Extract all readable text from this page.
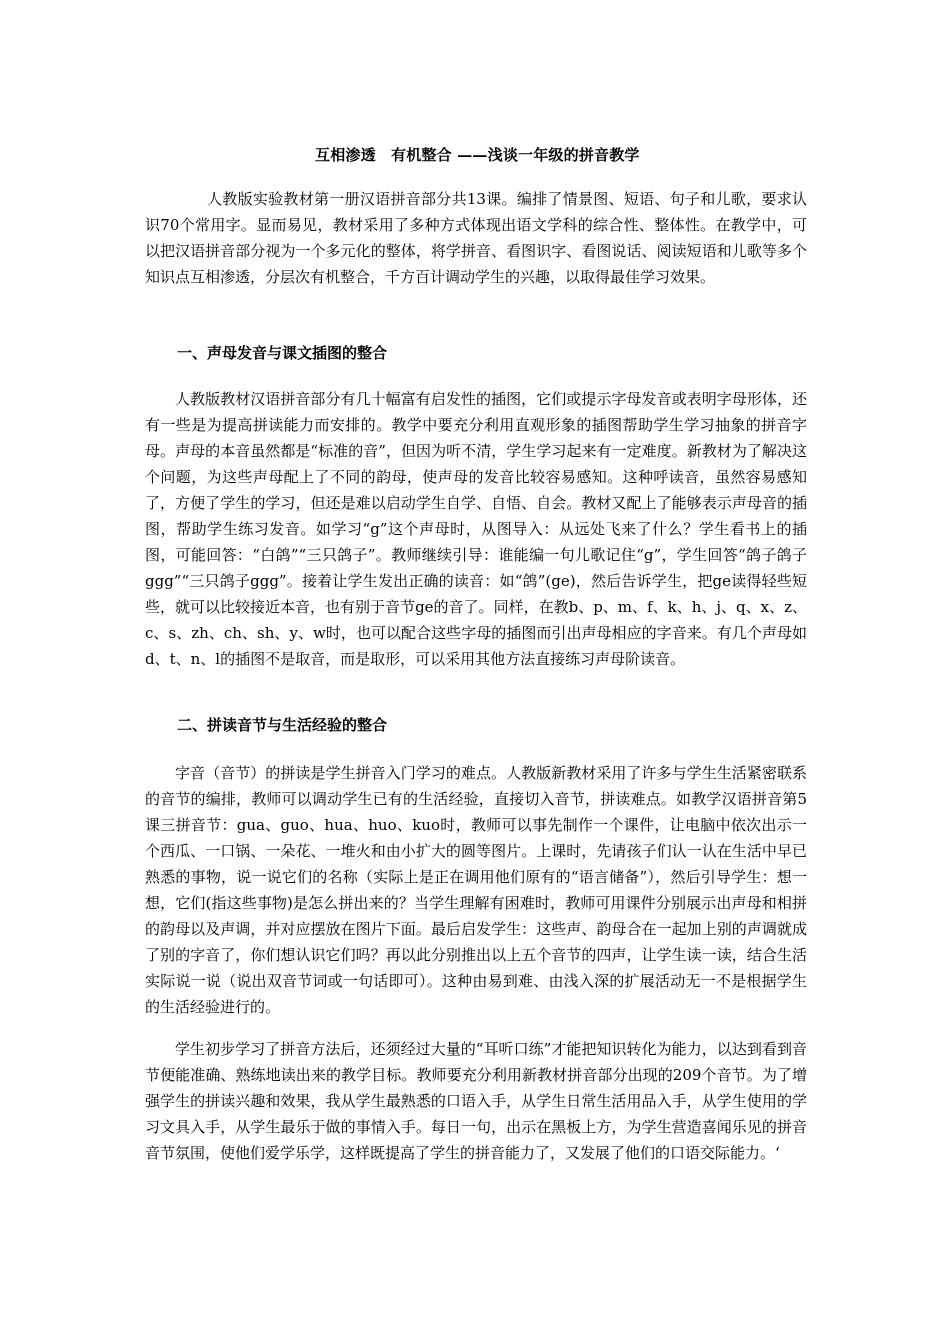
互相渗透　有机整合 ——浅谈一年级的拼音教学

人教版实验教材第一册汉语拼音部分共13课。编排了情景图、短语、句子和儿歌，要求认识70个常用字。显而易见，教材采用了多种方式体现出语文学科的综合性、整体性。在教学中，可以把汉语拼音部分视为一个多元化的整体，将学拼音、看图识字、看图说话、阅读短语和儿歌等多个知识点互相渗透，分层次有机整合，千方百计调动学生的兴趣，以取得最佳学习效果。

一、声母发音与课文插图的整合

人教版教材汉语拼音部分有几十幅富有启发性的插图，它们或提示字母发音或表明字母形体，还有一些是为提高拼读能力而安排的。教学中要充分利用直观形象的插图帮助学生学习抽象的拼音字母。声母的本音虽然都是“标准的音”，但因为听不清，学生学习起来有一定难度。新教材为了解决这个问题，为这些声母配上了不同的韵母，使声母的发音比较容易感知。这种呼读音，虽然容易感知了，方便了学生的学习，但还是难以启动学生自学、自悟、自会。教材又配上了能够表示声母音的插图，帮助学生练习发音。如学习“g”这个声母时，从图导入：从远处飞来了什么？学生看书上的插图，可能回答：“白鸽”“三只鸽子”。教师继续引导：谁能编一句儿歌记住“g”，学生回答“鸽子鸽子ggg”“三只鸽子ggg”。接着让学生发出正确的读音：如“鸽”(ge)，然后告诉学生，把ge读得轻些短些，就可以比较接近本音，也有别于音节ge的音了。同样，在教b、p、m、f、k、h、j、q、x、z、c、s、zh、ch、sh、y、w时，也可以配合这些字母的插图而引出声母相应的字音来。有几个声母如d、t、n、l的插图不是取音，而是取形，可以采用其他方法直接练习声母阶读音。

二、拼读音节与生活经验的整合

字音（音节）的拼读是学生拼音入门学习的难点。人教版新教材采用了许多与学生生活紧密联系的音节的编排，教师可以调动学生已有的生活经验，直接切入音节，拼读难点。如教学汉语拼音第5课三拼音节：gua、guo、hua、huo、kuo时，教师可以事先制作一个课件，让电脑中依次出示一个西瓜、一口锅、一朵花、一堆火和由小扩大的圆等图片。上课时，先请孩子们认一认在生活中早已熟悉的事物，说一说它们的名称（实际上是正在调用他们原有的“语言储备”），然后引导学生：想一想，它们(指这些事物)是怎么拼出来的？当学生理解有困难时，教师可用课件分别展示出声母和相拼的韵母以及声调，并对应摆放在图片下面。最后启发学生：这些声、韵母合在一起加上别的声调就成了别的字音了，你们想认识它们吗？再以此分别推出以上五个音节的四声，让学生读一读，结合生活实际说一说（说出双音节词或一句话即可）。这种由易到难、由浅入深的扩展活动无一不是根据学生的生活经验进行的。

学生初步学习了拼音方法后，还须经过大量的“耳听口练”才能把知识转化为能力，以达到看到音节便能准确、熟练地读出来的教学目标。教师要充分利用新教材拼音部分出现的209个音节。为了增强学生的拼读兴趣和效果，我从学生最熟悉的口语入手，从学生日常生活用品入手，从学生使用的学习文具入手，从学生最乐于做的事情入手。每日一句，出示在黑板上方，为学生营造喜闻乐见的拼音音节氛围，使他们爱学乐学，这样既提高了学生的拼音能力了，又发展了他们的口语交际能力。‘
